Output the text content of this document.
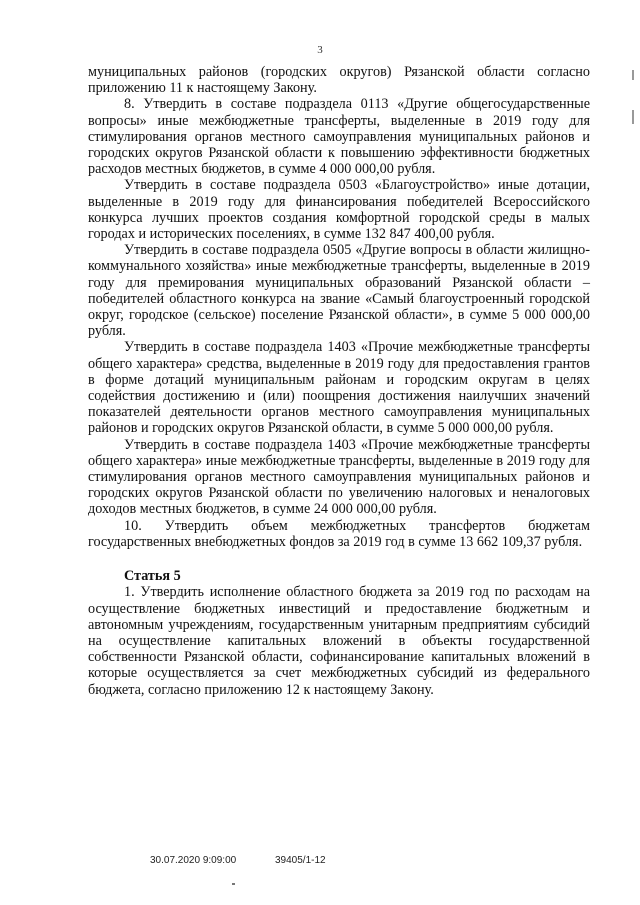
3

муниципальных районов (городских округов) Рязанской области согласно приложению 11 к настоящему Закону.

8. Утвердить в составе подраздела 0113 «Другие общегосударственные вопросы» иные межбюджетные трансферты, выделенные в 2019 году для стимулирования органов местного самоуправления муниципальных районов и городских округов Рязанской области к повышению эффективности бюджетных расходов местных бюджетов, в сумме 4 000 000,00 рубля.

Утвердить в составе подраздела 0503 «Благоустройство» иные дотации, выделенные в 2019 году для финансирования победителей Всероссийского конкурса лучших проектов создания комфортной городской среды в малых городах и исторических поселениях, в сумме 132 847 400,00 рубля.

Утвердить в составе подраздела 0505 «Другие вопросы в области жилищно-коммунального хозяйства» иные межбюджетные трансферты, выделенные в 2019 году для премирования муниципальных образований Рязанской области – победителей областного конкурса на звание «Самый благоустроенный городской округ, городское (сельское) поселение Рязанской области», в сумме 5 000 000,00 рубля.

Утвердить в составе подраздела 1403 «Прочие межбюджетные трансферты общего характера» средства, выделенные в 2019 году для предоставления грантов в форме дотаций муниципальным районам и городским округам в целях содействия достижению и (или) поощрения достижения наилучших значений показателей деятельности органов местного самоуправления муниципальных районов и городских округов Рязанской области, в сумме 5 000 000,00 рубля.

Утвердить в составе подраздела 1403 «Прочие межбюджетные трансферты общего характера» иные межбюджетные трансферты, выделенные в 2019 году для стимулирования органов местного самоуправления муниципальных районов и городских округов Рязанской области по увеличению налоговых и неналоговых доходов местных бюджетов, в сумме 24 000 000,00 рубля.

10. Утвердить объем межбюджетных трансфертов бюджетам государственных внебюджетных фондов за 2019 год в сумме 13 662 109,37 рубля.

Статья 5

1. Утвердить исполнение областного бюджета за 2019 год по расходам на осуществление бюджетных инвестиций и предоставление бюджетным и автономным учреждениям, государственным унитарным предприятиям субсидий на осуществление капитальных вложений в объекты государственной собственности Рязанской области, софинансирование капитальных вложений в которые осуществляется за счет межбюджетных субсидий из федерального бюджета, согласно приложению 12 к настоящему Закону.

30.07.2020 9:09:00	39405/1-12
